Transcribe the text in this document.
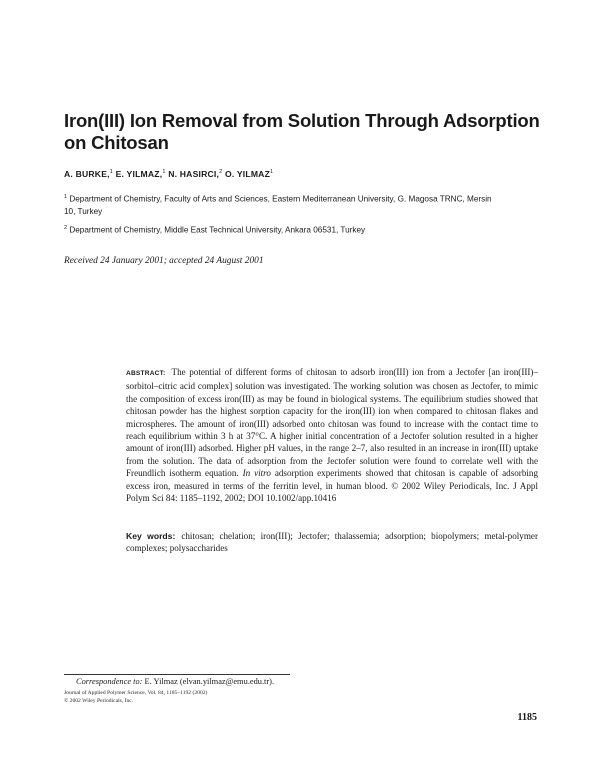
Iron(III) Ion Removal from Solution Through Adsorption on Chitosan
A. BURKE,$^1$ E. YILMAZ,$^1$ N. HASIRCI,$^2$ O. YILMAZ$^1$
$^1$ Department of Chemistry, Faculty of Arts and Sciences, Eastern Mediterranean University, G. Magosa TRNC, Mersin 10, Turkey
$^2$ Department of Chemistry, Middle East Technical University, Ankara 06531, Turkey
Received 24 January 2001; accepted 24 August 2001

ABSTRACT: The potential of different forms of chitosan to adsorb iron(III) ion from a Jectofer [an iron(III)–sorbitol–citric acid complex] solution was investigated. The working solution was chosen as Jectofer, to mimic the composition of excess iron(III) as may be found in biological systems. The equilibrium studies showed that chitosan powder has the highest sorption capacity for the iron(III) ion when compared to chitosan flakes and microspheres. The amount of iron(III) adsorbed onto chitosan was found to increase with the contact time to reach equilibrium within 3 h at 37°C. A higher initial concentration of a Jectofer solution resulted in a higher amount of iron(III) adsorbed. Higher pH values, in the range 2–7, also resulted in an increase in iron(III) uptake from the solution. The data of adsorption from the Jectofer solution were found to correlate well with the Freundlich isotherm equation. In vitro adsorption experiments showed that chitosan is capable of adsorbing excess iron, measured in terms of the ferritin level, in human blood. © 2002 Wiley Periodicals, Inc. J Appl Polym Sci 84: 1185–1192, 2002; DOI 10.1002/app.10416

Key words: chitosan; chelation; iron(III); Jectofer; thalassemia; adsorption; biopolymers; metal-polymer complexes; polysaccharides

Correspondence to: E. Yilmaz (elvan.yilmaz@emu.edu.tr).
Journal of Applied Polymer Science, Vol. 84, 1185–1192 (2002)
© 2002 Wiley Periodicals, Inc.
1185
